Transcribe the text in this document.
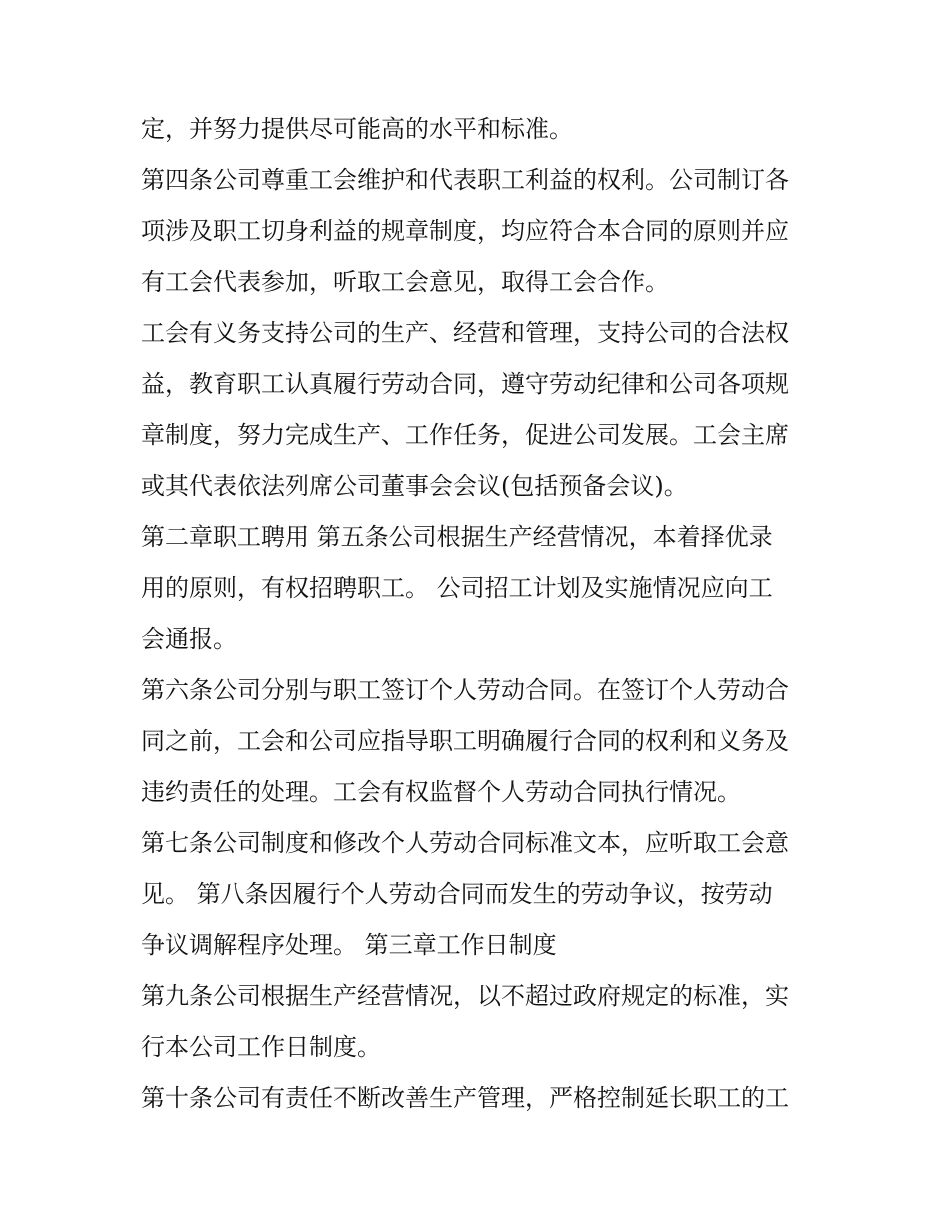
定，并努力提供尽可能高的水平和标准。

第四条公司尊重工会维护和代表职工利益的权利。公司制订各
项涉及职工切身利益的规章制度，均应符合本合同的原则并应
有工会代表参加，听取工会意见，取得工会合作。

工会有义务支持公司的生产、经营和管理，支持公司的合法权
益，教育职工认真履行劳动合同，遵守劳动纪律和公司各项规
章制度，努力完成生产、工作任务，促进公司发展。工会主席
或其代表依法列席公司董事会会议(包括预备会议)。

第二章职工聘用 第五条公司根据生产经营情况，本着择优录
用的原则，有权招聘职工。 公司招工计划及实施情况应向工
会通报。

第六条公司分别与职工签订个人劳动合同。在签订个人劳动合
同之前，工会和公司应指导职工明确履行合同的权利和义务及
违约责任的处理。工会有权监督个人劳动合同执行情况。

第七条公司制度和修改个人劳动合同标准文本，应听取工会意
见。 第八条因履行个人劳动合同而发生的劳动争议，按劳动
争议调解程序处理。 第三章工作日制度

第九条公司根据生产经营情况，以不超过政府规定的标准，实
行本公司工作日制度。

第十条公司有责任不断改善生产管理，严格控制延长职工的工
